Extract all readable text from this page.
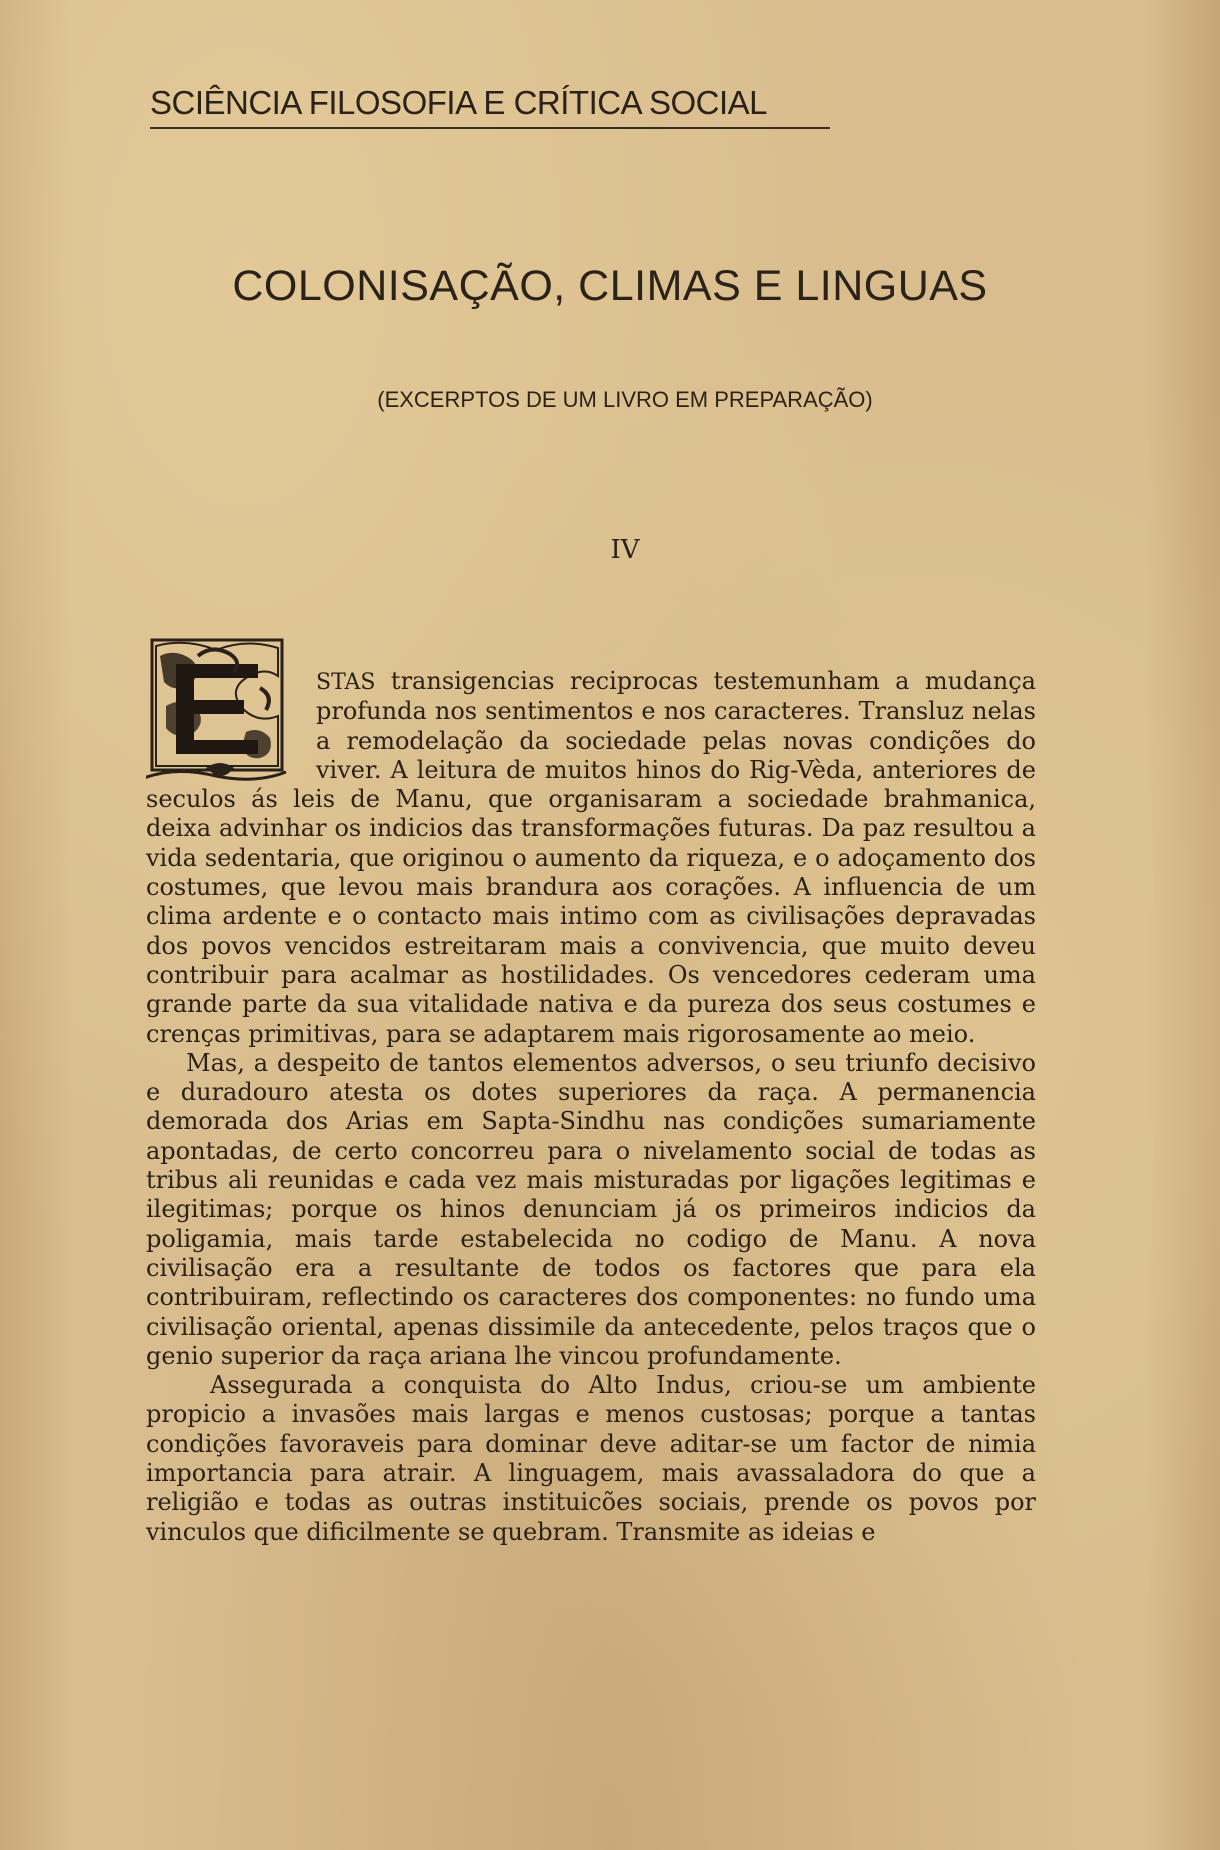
SCIÊNCIA FILOSOFIA E CRÍTICA SOCIAL
COLONISAÇÃO, CLIMAS E LINGUAS
(EXCERPTOS DE UM LIVRO EM PREPARAÇÃO)
IV

STAS transigencias reciprocas testemunham a mudança profunda nos sentimentos e nos caracteres. Transluz nelas a remodelação da sociedade pelas novas condições do viver. A leitura de muitos hinos do Rig-Vèda, anteriores de seculos ás leis de Manu, que organisaram a sociedade brahmanica, deixa advinhar os indicios das transformações futuras. Da paz resultou a vida sedentaria, que originou o aumento da riqueza, e o adoçamento dos costumes, que levou mais brandura aos corações. A influencia de um clima ardente e o contacto mais intimo com as civilisações depravadas dos povos vencidos estreitaram mais a convivencia, que muito deveu contribuir para acalmar as hostilidades. Os vencedores cederam uma grande parte da sua vitalidade nativa e da pureza dos seus costumes e crenças primitivas, para se adaptarem mais rigorosamente ao meio.

Mas, a despeito de tantos elementos adversos, o seu triunfo decisivo e duradouro atesta os dotes superiores da raça. A permanencia demorada dos Arias em Sapta-Sindhu nas condições sumariamente apontadas, de certo concorreu para o nivelamento social de todas as tribus ali reunidas e cada vez mais misturadas por ligações legitimas e ilegitimas; porque os hinos denunciam já os primeiros indicios da poligamia, mais tarde estabelecida no codigo de Manu. A nova civilisação era a resultante de todos os factores que para ela contribuiram, reflectindo os caracteres dos componentes: no fundo uma civilisação oriental, apenas dissimile da antecedente, pelos traços que o genio superior da raça ariana lhe vincou profundamente.

Assegurada a conquista do Alto Indus, criou-se um ambiente propicio a invasões mais largas e menos custosas; porque a tantas condições favoraveis para dominar deve aditar-se um factor de nimia importancia para atrair. A linguagem, mais avassaladora do que a religião e todas as outras instituicões sociais, prende os povos por vinculos que dificilmente se quebram. Transmite as ideias e
